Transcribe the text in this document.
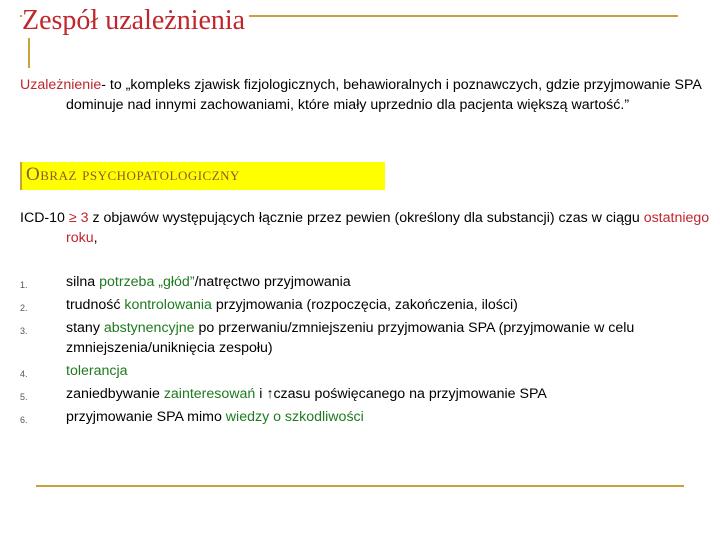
Zespół uzależnienia
Uzależnienie- to „kompleks zjawisk fizjologicznych, behawioralnych i poznawczych, gdzie przyjmowanie SPA dominuje nad innymi zachowaniami, które miały uprzednio dla pacjenta większą wartość.”
Obraz psychopatologiczny
ICD-10 ≥ 3 z objawów występujących łącznie przez pewien (określony dla substancji) czas w ciągu ostatniego roku,
1.	silna potrzeba „głód”/natręctwo przyjmowania
2.	trudność kontrolowania przyjmowania (rozpoczęcia, zakończenia, ilości)
3.	stany abstynencyjne po przerwaniu/zmniejszeniu przyjmowania SPA (przyjmowanie w celu zmniejszenia/uniknięcia zespołu)
4.	tolerancja
5.	zaniedbywanie zainteresowań i ↑czasu poświęcanego na przyjmowanie SPA
6.	przyjmowanie SPA mimo wiedzy o szkodliwości
